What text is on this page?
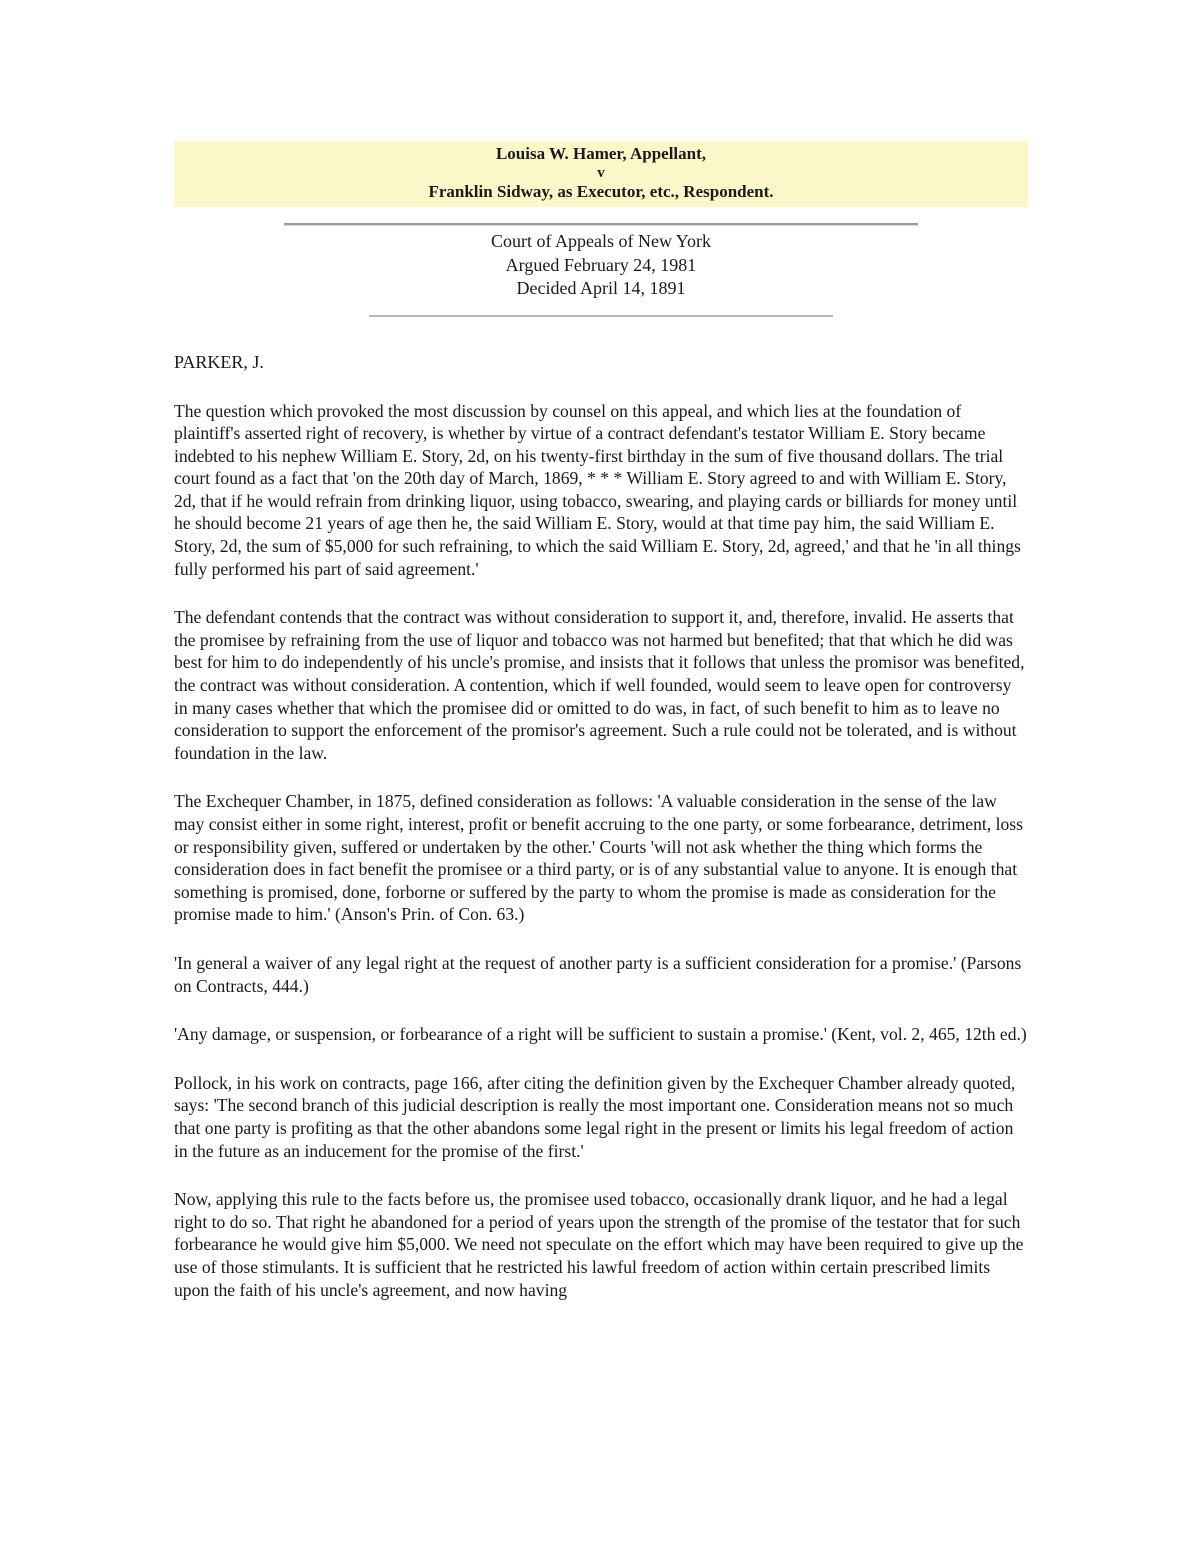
Louisa W. Hamer, Appellant,
v
Franklin Sidway, as Executor, etc., Respondent.
Court of Appeals of New York
Argued February 24, 1981
Decided April 14, 1891
PARKER, J.

The question which provoked the most discussion by counsel on this appeal, and which lies at the foundation of plaintiff's asserted right of recovery, is whether by virtue of a contract defendant's testator William E. Story became indebted to his nephew William E. Story, 2d, on his twenty-first birthday in the sum of five thousand dollars. The trial court found as a fact that 'on the 20th day of March, 1869, * * * William E. Story agreed to and with William E. Story, 2d, that if he would refrain from drinking liquor, using tobacco, swearing, and playing cards or billiards for money until he should become 21 years of age then he, the said William E. Story, would at that time pay him, the said William E. Story, 2d, the sum of $5,000 for such refraining, to which the said William E. Story, 2d, agreed,' and that he 'in all things fully performed his part of said agreement.'

The defendant contends that the contract was without consideration to support it, and, therefore, invalid. He asserts that the promisee by refraining from the use of liquor and tobacco was not harmed but benefited; that that which he did was best for him to do independently of his uncle's promise, and insists that it follows that unless the promisor was benefited, the contract was without consideration. A contention, which if well founded, would seem to leave open for controversy in many cases whether that which the promisee did or omitted to do was, in fact, of such benefit to him as to leave no consideration to support the enforcement of the promisor's agreement. Such a rule could not be tolerated, and is without foundation in the law.

The Exchequer Chamber, in 1875, defined consideration as follows: 'A valuable consideration in the sense of the law may consist either in some right, interest, profit or benefit accruing to the one party, or some forbearance, detriment, loss or responsibility given, suffered or undertaken by the other.' Courts 'will not ask whether the thing which forms the consideration does in fact benefit the promisee or a third party, or is of any substantial value to anyone. It is enough that something is promised, done, forborne or suffered by the party to whom the promise is made as consideration for the promise made to him.' (Anson's Prin. of Con. 63.)

'In general a waiver of any legal right at the request of another party is a sufficient consideration for a promise.' (Parsons on Contracts, 444.)

'Any damage, or suspension, or forbearance of a right will be sufficient to sustain a promise.' (Kent, vol. 2, 465, 12th ed.)

Pollock, in his work on contracts, page 166, after citing the definition given by the Exchequer Chamber already quoted, says: 'The second branch of this judicial description is really the most important one. Consideration means not so much that one party is profiting as that the other abandons some legal right in the present or limits his legal freedom of action in the future as an inducement for the promise of the first.'

Now, applying this rule to the facts before us, the promisee used tobacco, occasionally drank liquor, and he had a legal right to do so. That right he abandoned for a period of years upon the strength of the promise of the testator that for such forbearance he would give him $5,000. We need not speculate on the effort which may have been required to give up the use of those stimulants. It is sufficient that he restricted his lawful freedom of action within certain prescribed limits upon the faith of his uncle's agreement, and now having
